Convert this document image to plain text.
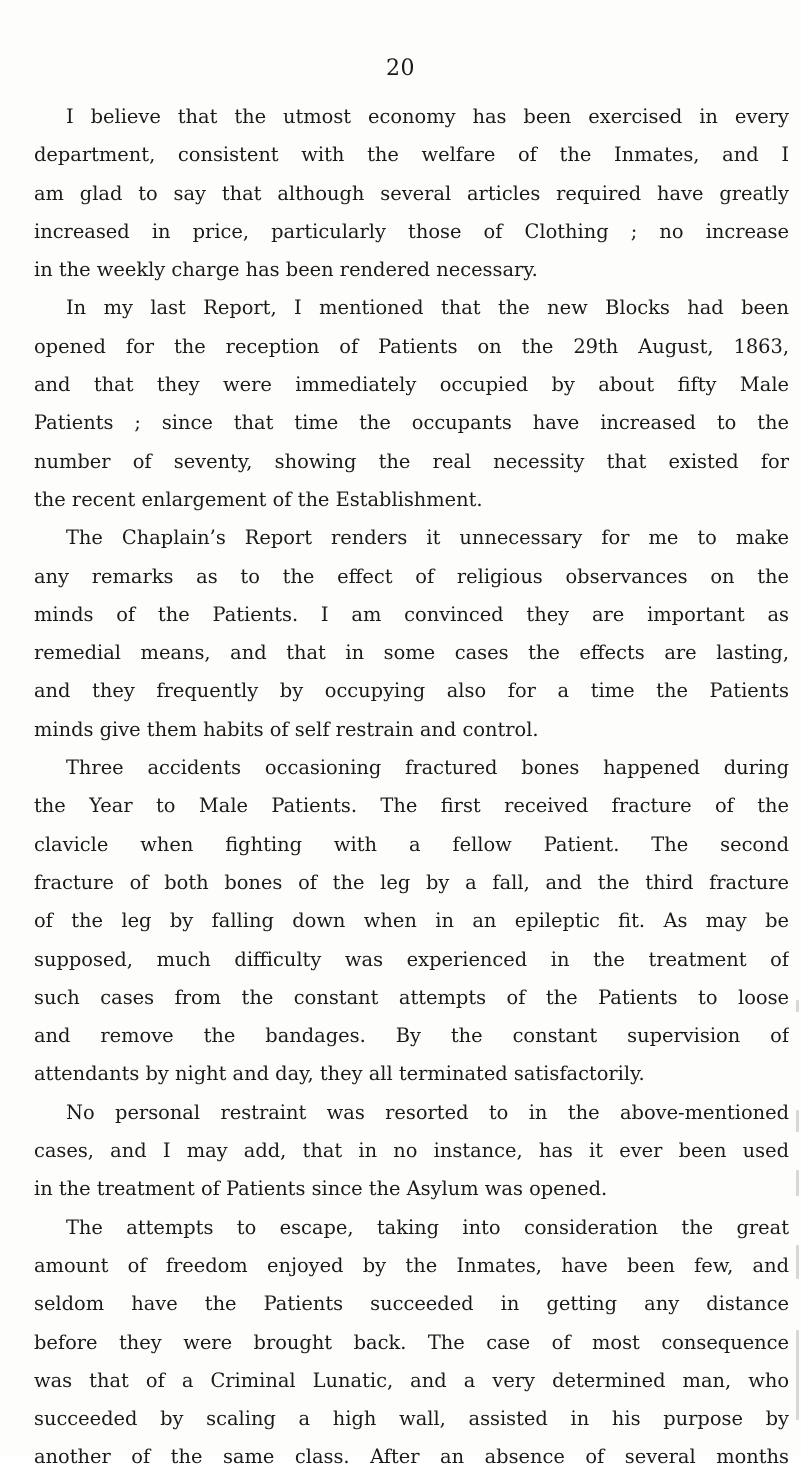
20
I believe that the utmost economy has been exercised in every
department, consistent with the welfare of the Inmates, and I
am glad to say that although several articles required have greatly
increased in price, particularly those of Clothing ; no increase
in the weekly charge has been rendered necessary.
In my last Report, I mentioned that the new Blocks had been
opened for the reception of Patients on the 29th August, 1863,
and that they were immediately occupied by about fifty Male
Patients ; since that time the occupants have increased to the
number of seventy, showing the real necessity that existed for
the recent enlargement of the Establishment.
The Chaplain’s Report renders it unnecessary for me to make
any remarks as to the effect of religious observances on the
minds of the Patients. I am convinced they are important as
remedial means, and that in some cases the effects are lasting,
and they frequently by occupying also for a time the Patients
minds give them habits of self restrain and control.
Three accidents occasioning fractured bones happened during
the Year to Male Patients. The first received fracture of the
clavicle when fighting with a fellow Patient. The second
fracture of both bones of the leg by a fall, and the third fracture
of the leg by falling down when in an epileptic fit. As may be
supposed, much difficulty was experienced in the treatment of
such cases from the constant attempts of the Patients to loose
and remove the bandages. By the constant supervision of
attendants by night and day, they all terminated satisfactorily.
No personal restraint was resorted to in the above-mentioned
cases, and I may add, that in no instance, has it ever been used
in the treatment of Patients since the Asylum was opened.
The attempts to escape, taking into consideration the great
amount of freedom enjoyed by the Inmates, have been few, and
seldom have the Patients succeeded in getting any distance
before they were brought back. The case of most consequence
was that of a Criminal Lunatic, and a very determined man, who
succeeded by scaling a high wall, assisted in his purpose by
another of the same class. After an absence of several months
